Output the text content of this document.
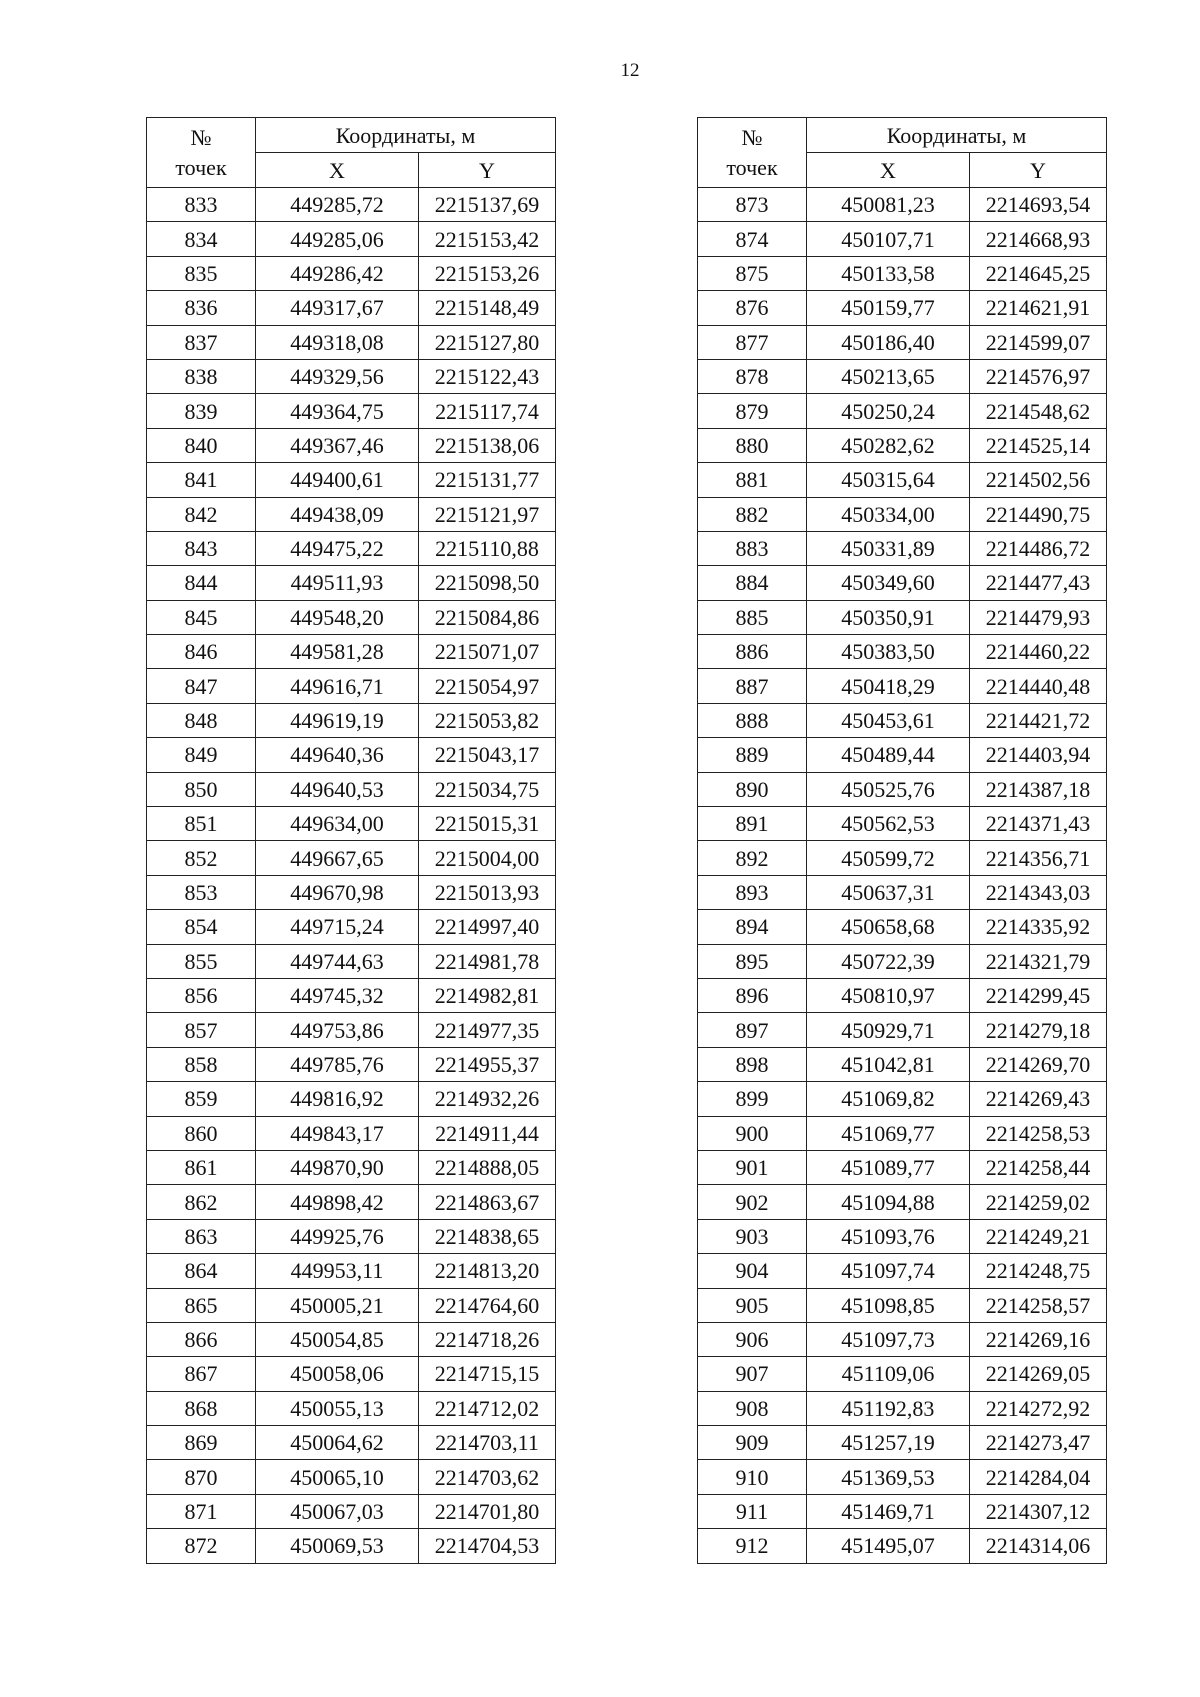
12
№
точек	Координаты, м	
	X	Y
833	449285,72	2215137,69
834	449285,06	2215153,42
835	449286,42	2215153,26
836	449317,67	2215148,49
837	449318,08	2215127,80
838	449329,56	2215122,43
839	449364,75	2215117,74
840	449367,46	2215138,06
841	449400,61	2215131,77
842	449438,09	2215121,97
843	449475,22	2215110,88
844	449511,93	2215098,50
845	449548,20	2215084,86
846	449581,28	2215071,07
847	449616,71	2215054,97
848	449619,19	2215053,82
849	449640,36	2215043,17
850	449640,53	2215034,75
851	449634,00	2215015,31
852	449667,65	2215004,00
853	449670,98	2215013,93
854	449715,24	2214997,40
855	449744,63	2214981,78
856	449745,32	2214982,81
857	449753,86	2214977,35
858	449785,76	2214955,37
859	449816,92	2214932,26
860	449843,17	2214911,44
861	449870,90	2214888,05
862	449898,42	2214863,67
863	449925,76	2214838,65
864	449953,11	2214813,20
865	450005,21	2214764,60
866	450054,85	2214718,26
867	450058,06	2214715,15
868	450055,13	2214712,02
869	450064,62	2214703,11
870	450065,10	2214703,62
871	450067,03	2214701,80
872	450069,53	2214704,53
№
точек	Координаты, м	
	X	Y
873	450081,23	2214693,54
874	450107,71	2214668,93
875	450133,58	2214645,25
876	450159,77	2214621,91
877	450186,40	2214599,07
878	450213,65	2214576,97
879	450250,24	2214548,62
880	450282,62	2214525,14
881	450315,64	2214502,56
882	450334,00	2214490,75
883	450331,89	2214486,72
884	450349,60	2214477,43
885	450350,91	2214479,93
886	450383,50	2214460,22
887	450418,29	2214440,48
888	450453,61	2214421,72
889	450489,44	2214403,94
890	450525,76	2214387,18
891	450562,53	2214371,43
892	450599,72	2214356,71
893	450637,31	2214343,03
894	450658,68	2214335,92
895	450722,39	2214321,79
896	450810,97	2214299,45
897	450929,71	2214279,18
898	451042,81	2214269,70
899	451069,82	2214269,43
900	451069,77	2214258,53
901	451089,77	2214258,44
902	451094,88	2214259,02
903	451093,76	2214249,21
904	451097,74	2214248,75
905	451098,85	2214258,57
906	451097,73	2214269,16
907	451109,06	2214269,05
908	451192,83	2214272,92
909	451257,19	2214273,47
910	451369,53	2214284,04
911	451469,71	2214307,12
912	451495,07	2214314,06
